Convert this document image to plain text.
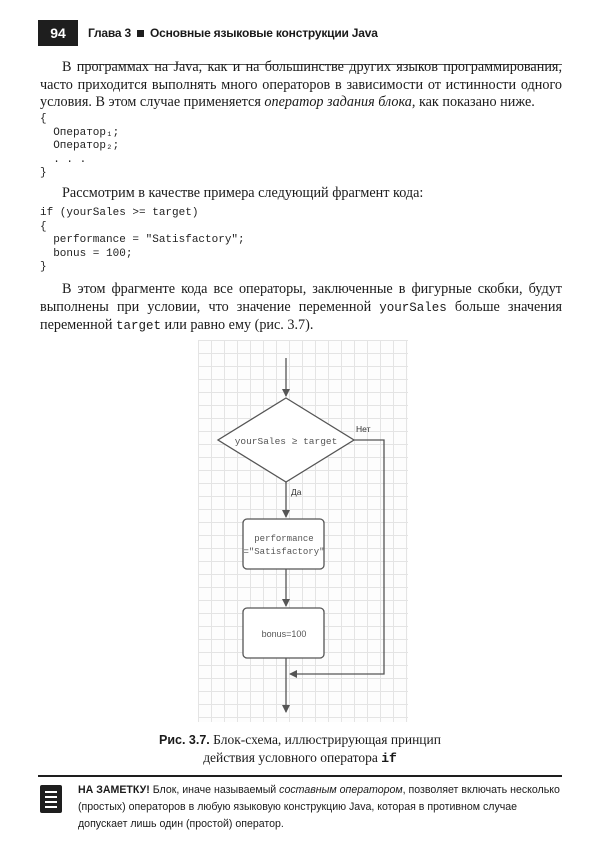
94	Глава 3 Основные языковые конструкции Java

В программах на Java, как и на большинстве других языков программирования, часто приходится выполнять много операторов в зависимости от истинности одного условия. В этом случае применяется оператор задания блока, как показано ниже.

{
Оператор₁;
Оператор₂;
. . .
}

Рассмотрим в качестве примера следующий фрагмент кода:

if (yourSales >= target)
{
performance = "Satisfactory";
bonus = 100;
}

В этом фрагменте кода все операторы, заключенные в фигурные скобки, будут выполнены при условии, что значение переменной yourSales больше значения переменной target или равно ему (рис. 3.7).

yourSales ≥ target
Нет
Да
performance
="Satisfactory"
bonus=100
Рис. 3.7. Блок-схема, иллюстрирующая принцип
действия условного оператора if

НА ЗАМЕТКУ! Блок, иначе называемый составным оператором, позволяет включать несколько (простых) операторов в любую языковую конструкцию Java, которая в противном случае допускает лишь один (простой) оператор.
